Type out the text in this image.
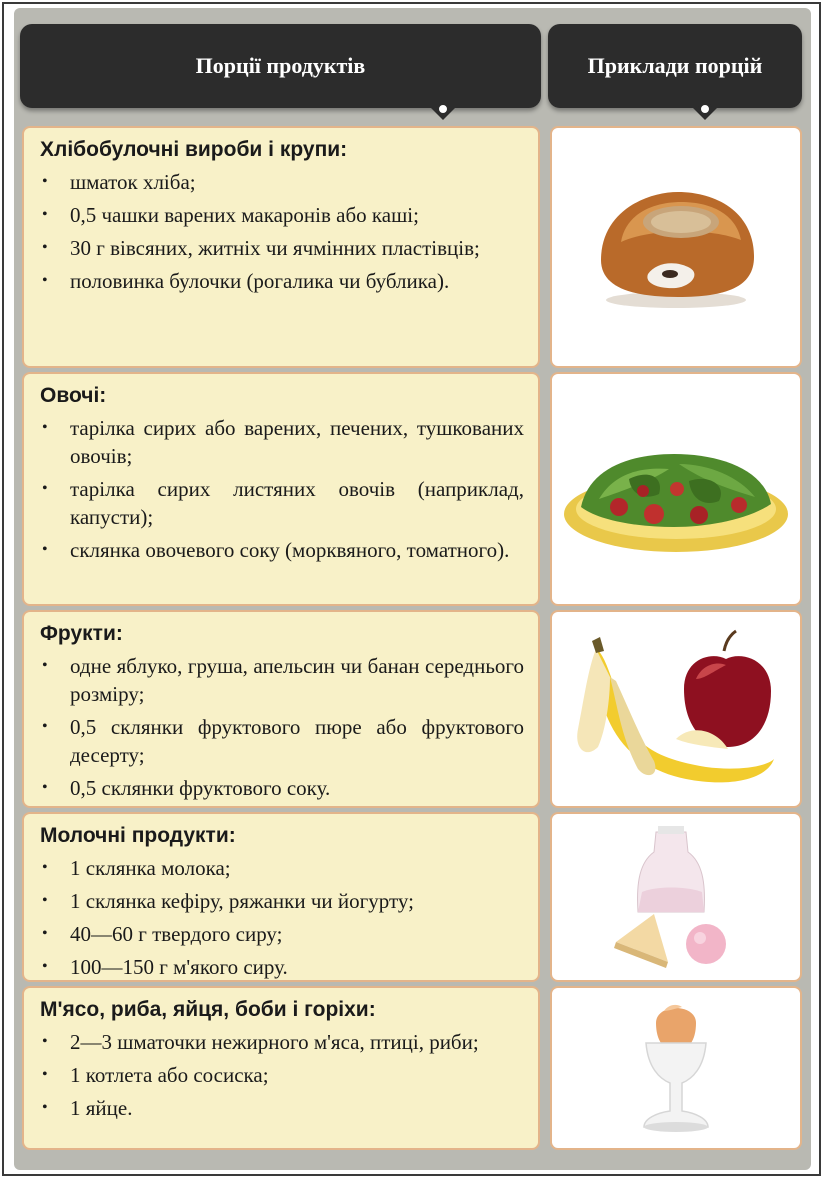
Порції продуктів	Приклади порцій
Хлібобулочні вироби і крупи:
• шматок хліба;
• 0,5 чашки варених макаронів або каші;
• 30 г вівсяних, житніх чи ячмінних пластівців;
• половинка булочки (рогалика чи бублика).
Овочі:
• тарілка сирих або варених, печених, тушкованих овочів;
• тарілка сирих листяних овочів (наприклад, капусти);
• склянка овочевого соку (морквяного, томатного).
Фрукти:
• одне яблуко, груша, апельсин чи банан середнього розміру;
• 0,5 склянки фруктового пюре або фруктового десерту;
• 0,5 склянки фруктового соку.
Молочні продукти:
• 1 склянка молока;
• 1 склянка кефіру, ряжанки чи йогурту;
• 40—60 г твердого сиру;
• 100—150 г м'якого сиру.
М'ясо, риба, яйця, боби і горіхи:
• 2—3 шматочки нежирного м'яса, птиці, риби;
• 1 котлета або сосиска;
• 1 яйце.
